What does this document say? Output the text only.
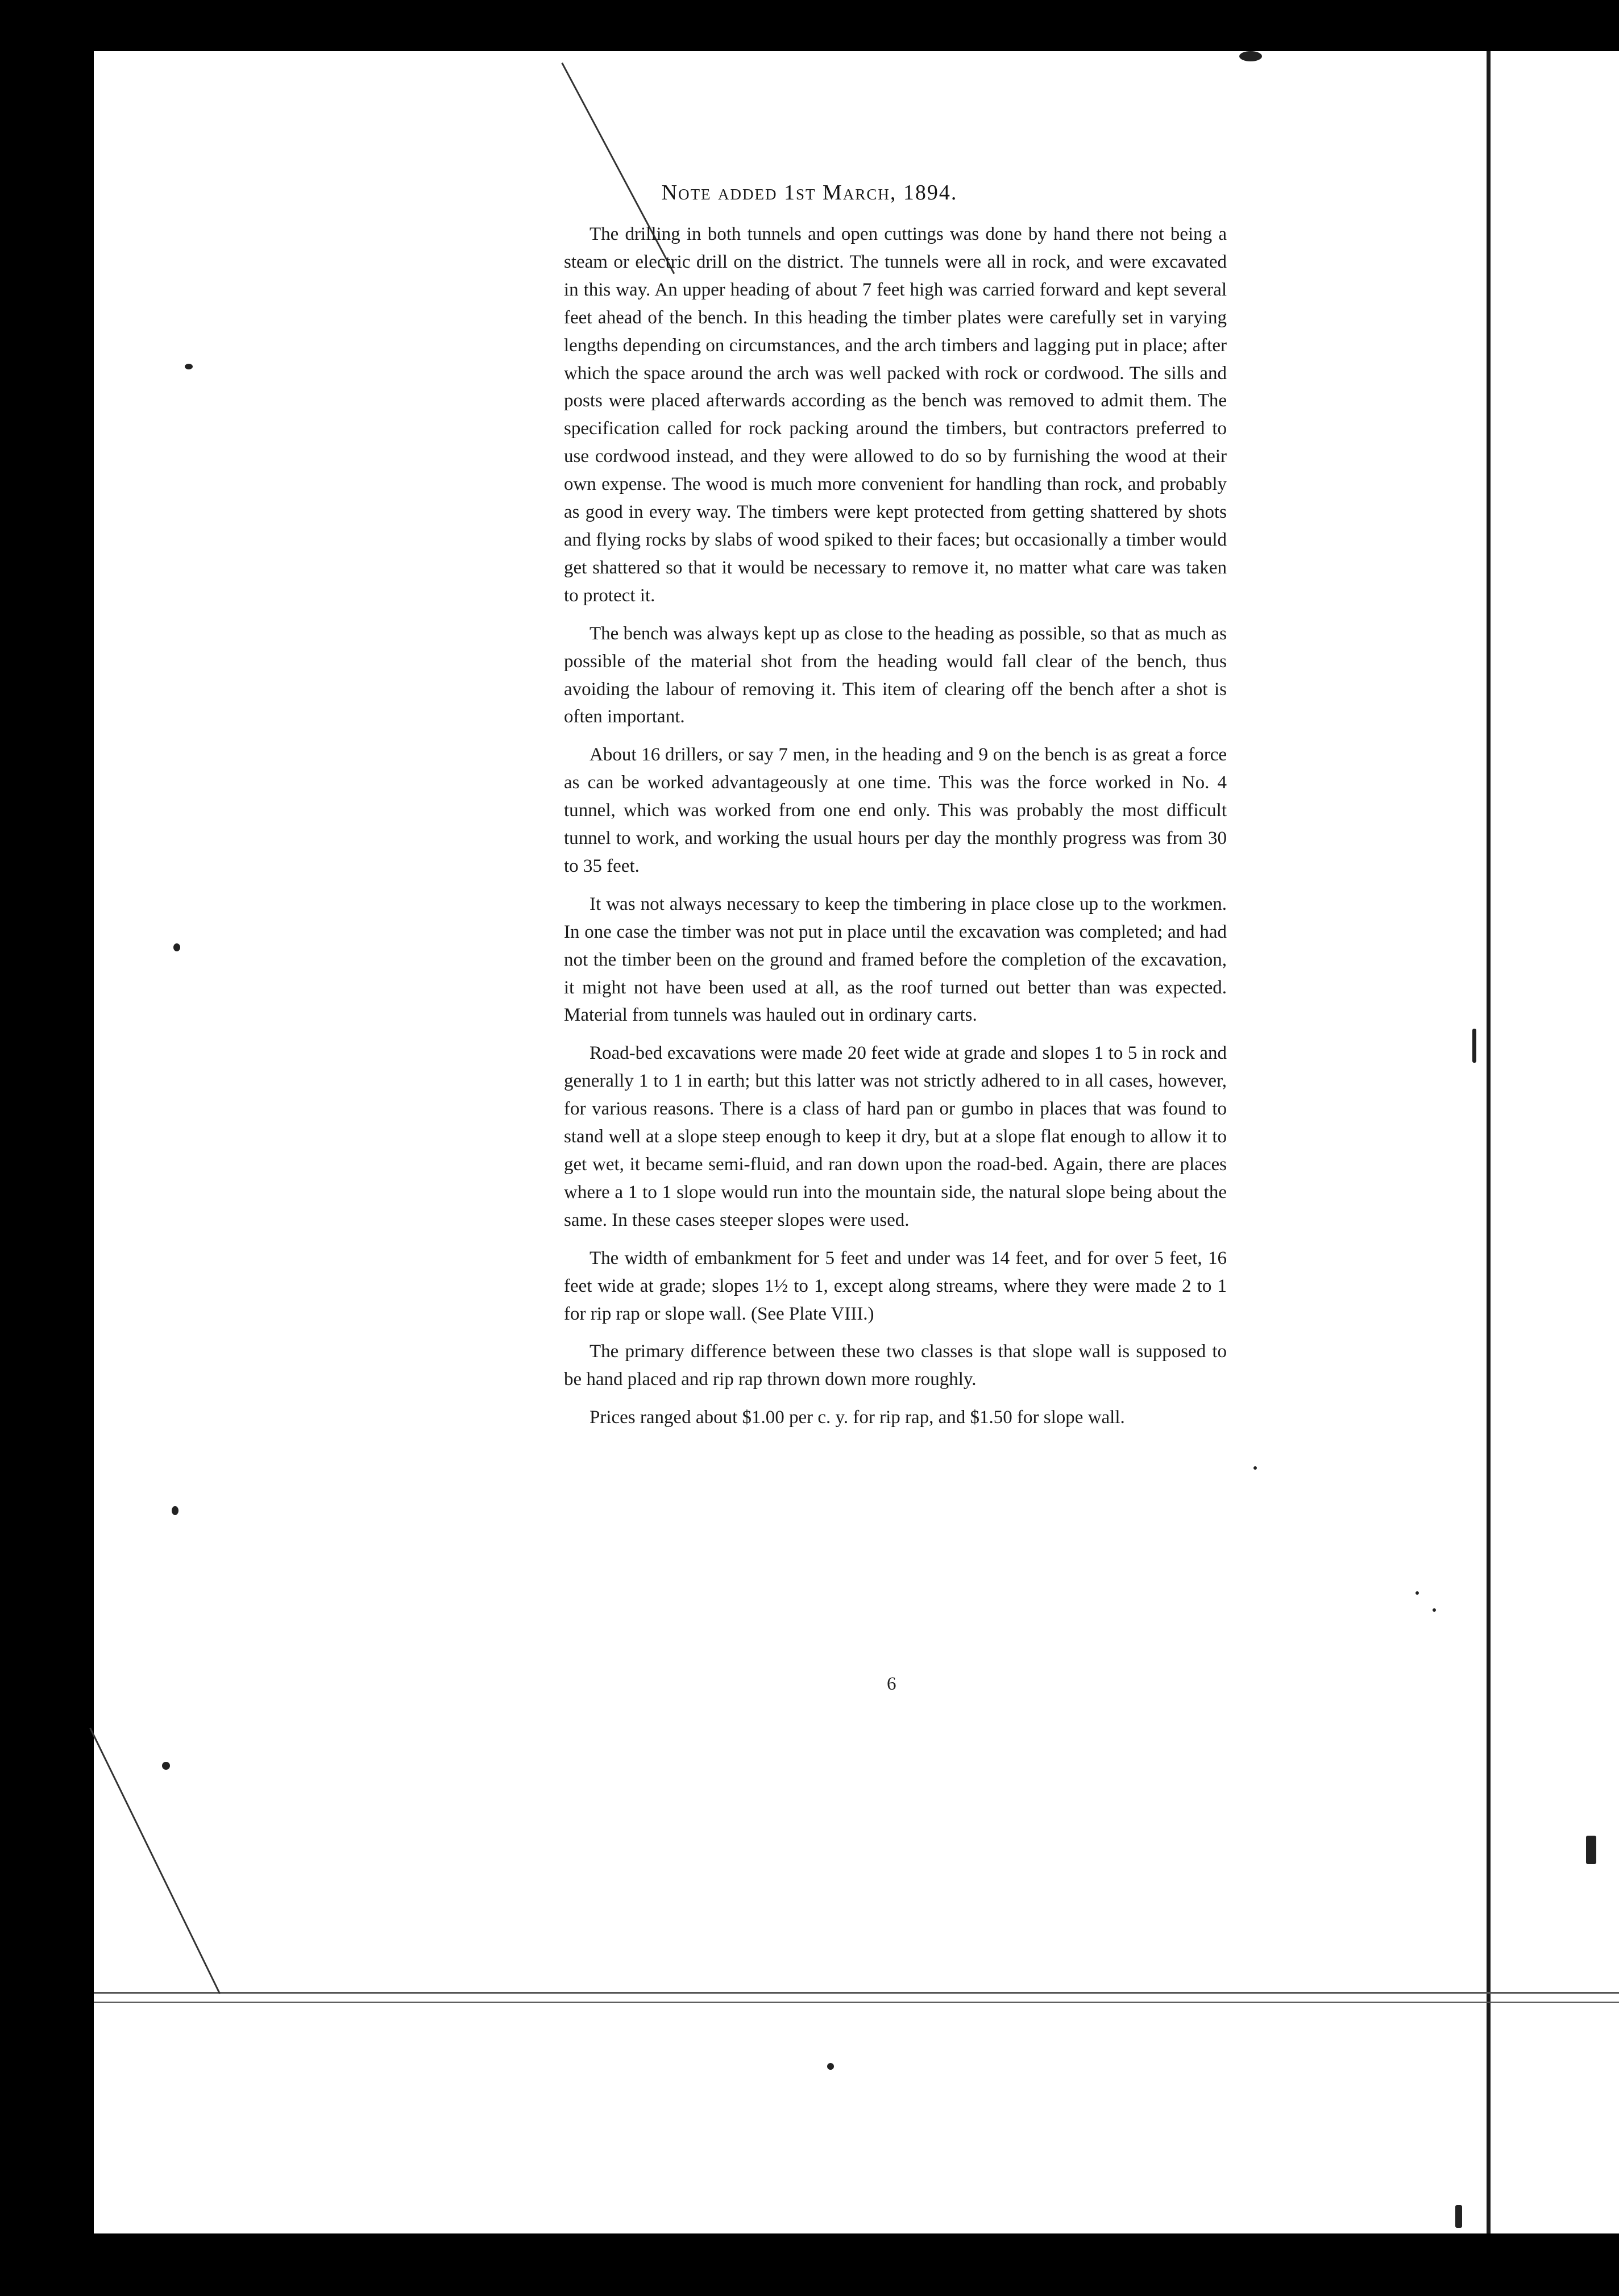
Note added 1st March, 1894.

The drilling in both tunnels and open cuttings was done by hand there not being a steam or electric drill on the district. The tunnels were all in rock, and were excavated in this way. An upper heading of about 7 feet high was carried forward and kept several feet ahead of the bench. In this heading the timber plates were carefully set in varying lengths depending on circumstances, and the arch timbers and lagging put in place; after which the space around the arch was well packed with rock or cordwood. The sills and posts were placed afterwards according as the bench was removed to admit them. The specification called for rock packing around the timbers, but contractors preferred to use cordwood instead, and they were allowed to do so by furnishing the wood at their own expense. The wood is much more convenient for handling than rock, and probably as good in every way. The timbers were kept protected from getting shattered by shots and flying rocks by slabs of wood spiked to their faces; but occasionally a timber would get shattered so that it would be necessary to remove it, no matter what care was taken to protect it.

The bench was always kept up as close to the heading as possible, so that as much as possible of the material shot from the heading would fall clear of the bench, thus avoiding the labour of removing it. This item of clearing off the bench after a shot is often important.

About 16 drillers, or say 7 men, in the heading and 9 on the bench is as great a force as can be worked advantageously at one time. This was the force worked in No. 4 tunnel, which was worked from one end only. This was probably the most difficult tunnel to work, and working the usual hours per day the monthly progress was from 30 to 35 feet.

It was not always necessary to keep the timbering in place close up to the workmen. In one case the timber was not put in place until the excavation was completed; and had not the timber been on the ground and framed before the completion of the excavation, it might not have been used at all, as the roof turned out better than was expected. Material from tunnels was hauled out in ordinary carts.

Road-bed excavations were made 20 feet wide at grade and slopes 1 to 5 in rock and generally 1 to 1 in earth; but this latter was not strictly adhered to in all cases, however, for various reasons. There is a class of hard pan or gumbo in places that was found to stand well at a slope steep enough to keep it dry, but at a slope flat enough to allow it to get wet, it became semi-fluid, and ran down upon the road-bed. Again, there are places where a 1 to 1 slope would run into the mountain side, the natural slope being about the same. In these cases steeper slopes were used.

The width of embankment for 5 feet and under was 14 feet, and for over 5 feet, 16 feet wide at grade; slopes 1½ to 1, except along streams, where they were made 2 to 1 for rip rap or slope wall. (See Plate VIII.)

The primary difference between these two classes is that slope wall is supposed to be hand placed and rip rap thrown down more roughly.

Prices ranged about $1.00 per c. y. for rip rap, and $1.50 for slope wall.

6
